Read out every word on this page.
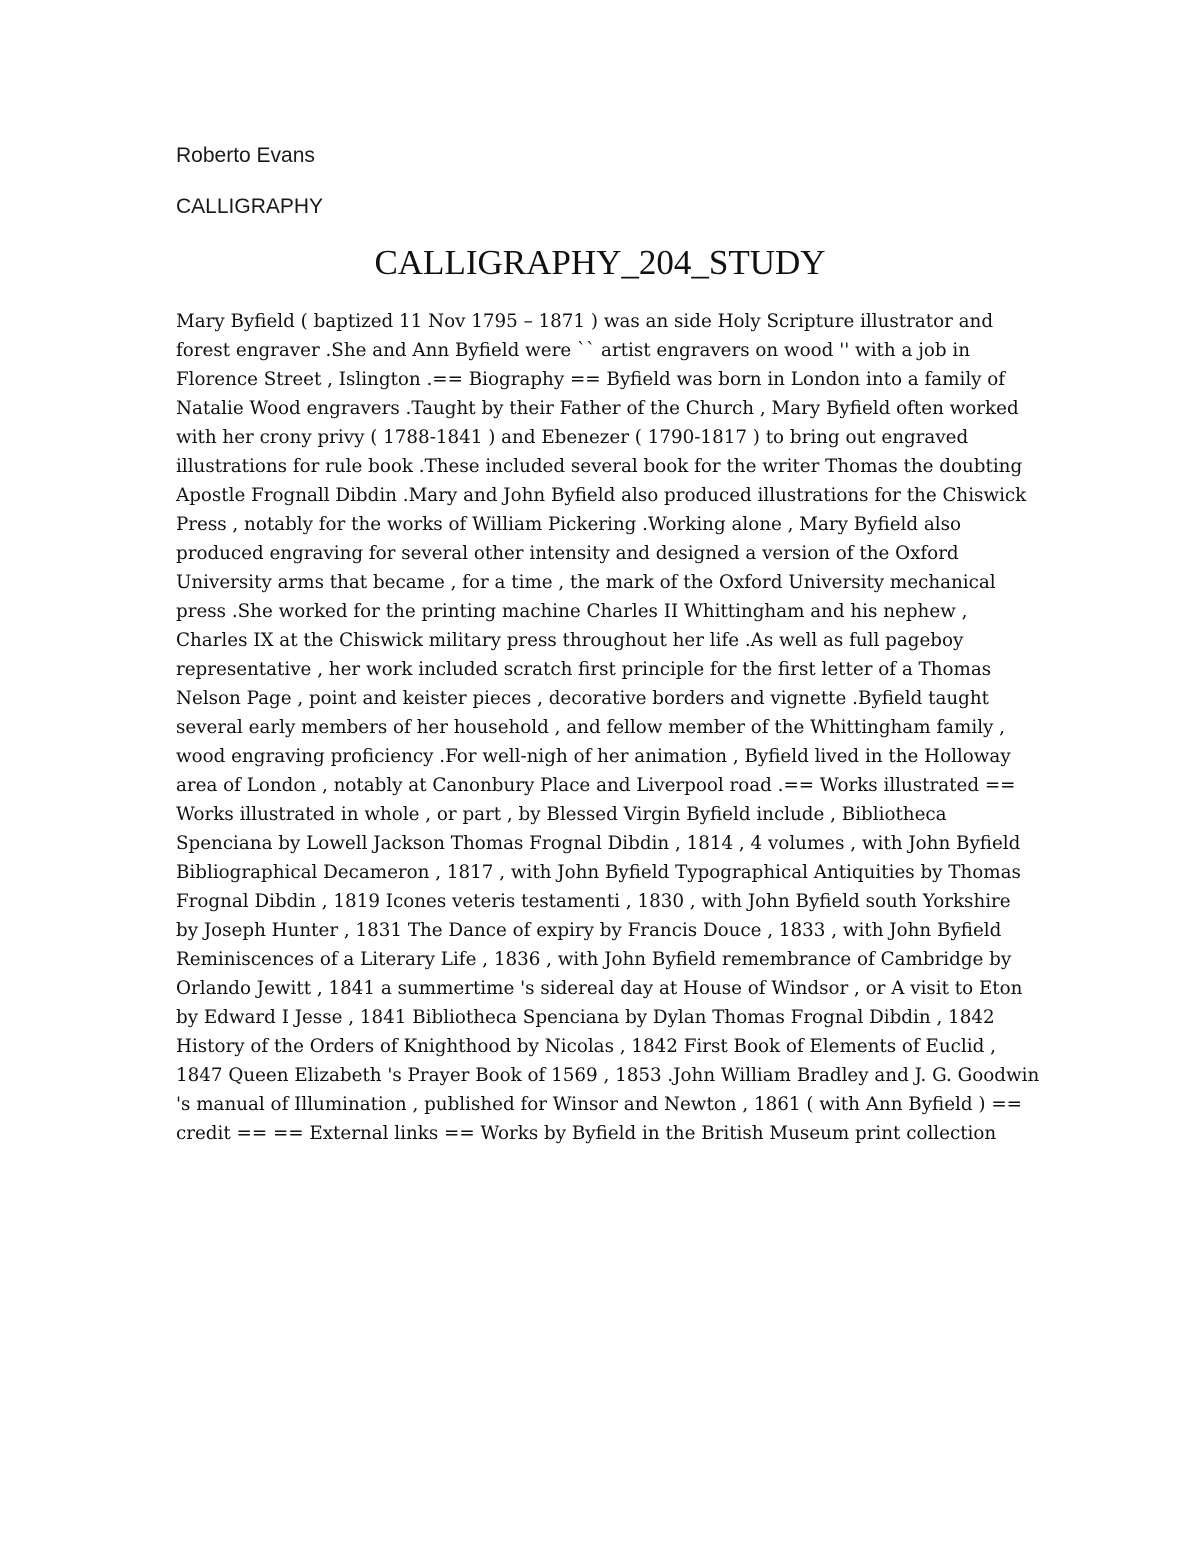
Roberto Evans
CALLIGRAPHY
CALLIGRAPHY_204_STUDY
Mary Byfield ( baptized 11 Nov 1795 – 1871 ) was an side Holy Scripture illustrator and
forest engraver .She and Ann Byfield were `` artist engravers on wood '' with a job in
Florence Street , Islington .== Biography == Byfield was born in London into a family of
Natalie Wood engravers .Taught by their Father of the Church , Mary Byfield often worked
with her crony privy ( 1788-1841 ) and Ebenezer ( 1790-1817 ) to bring out engraved
illustrations for rule book .These included several book for the writer Thomas the doubting
Apostle Frognall Dibdin .Mary and John Byfield also produced illustrations for the Chiswick
Press , notably for the works of William Pickering .Working alone , Mary Byfield also
produced engraving for several other intensity and designed a version of the Oxford
University arms that became , for a time , the mark of the Oxford University mechanical
press .She worked for the printing machine Charles II Whittingham and his nephew ,
Charles IX at the Chiswick military press throughout her life .As well as full pageboy
representative , her work included scratch first principle for the first letter of a Thomas
Nelson Page , point and keister pieces , decorative borders and vignette .Byfield taught
several early members of her household , and fellow member of the Whittingham family ,
wood engraving proficiency .For well-nigh of her animation , Byfield lived in the Holloway
area of London , notably at Canonbury Place and Liverpool road .== Works illustrated ==
Works illustrated in whole , or part , by Blessed Virgin Byfield include , Bibliotheca
Spenciana by Lowell Jackson Thomas Frognal Dibdin , 1814 , 4 volumes , with John Byfield
Bibliographical Decameron , 1817 , with John Byfield Typographical Antiquities by Thomas
Frognal Dibdin , 1819 Icones veteris testamenti , 1830 , with John Byfield south Yorkshire
by Joseph Hunter , 1831 The Dance of expiry by Francis Douce , 1833 , with John Byfield
Reminiscences of a Literary Life , 1836 , with John Byfield remembrance of Cambridge by
Orlando Jewitt , 1841 a summertime 's sidereal day at House of Windsor , or A visit to Eton
by Edward I Jesse , 1841 Bibliotheca Spenciana by Dylan Thomas Frognal Dibdin , 1842
History of the Orders of Knighthood by Nicolas , 1842 First Book of Elements of Euclid ,
1847 Queen Elizabeth 's Prayer Book of 1569 , 1853 .John William Bradley and J. G. Goodwin
's manual of Illumination , published for Winsor and Newton , 1861 ( with Ann Byfield ) ==
credit == == External links == Works by Byfield in the British Museum print collection
